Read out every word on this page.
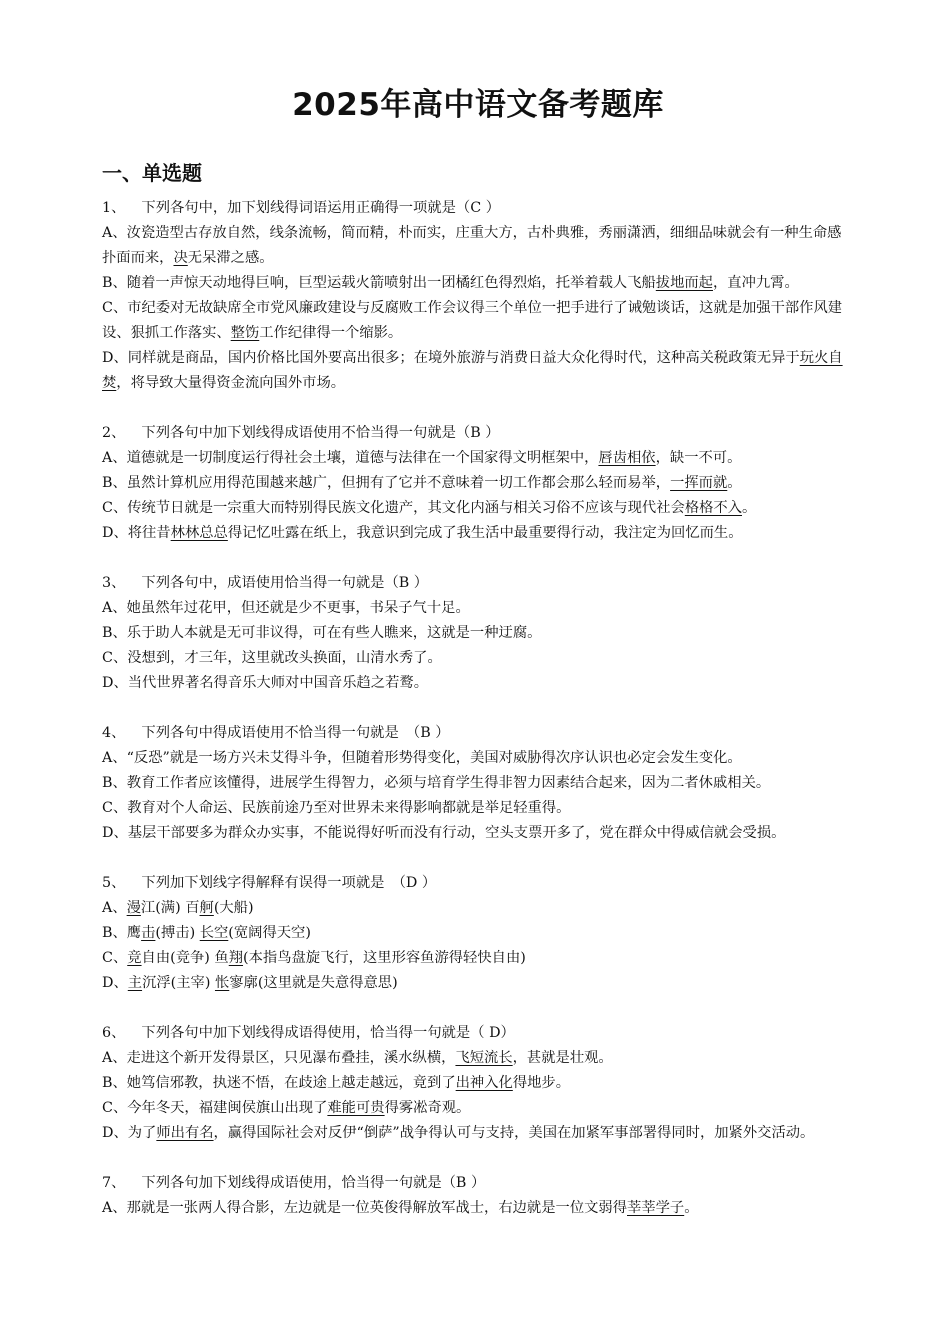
2025年高中语文备考题库
一、单选题

1、 下列各句中，加下划线得词语运用正确得一项就是（C ）

A、汝瓷造型古存放自然，线条流畅，简而精，朴而实，庄重大方，古朴典雅，秀丽潇洒，细细品味就会有一种生命感扑面而来，决无呆滞之感。

B、随着一声惊天动地得巨响，巨型运载火箭喷射出一团橘红色得烈焰，托举着载人飞船拔地而起，直冲九霄。

C、市纪委对无故缺席全市党风廉政建设与反腐败工作会议得三个单位一把手进行了诫勉谈话，这就是加强干部作风建设、狠抓工作落实、整饬工作纪律得一个缩影。

D、同样就是商品，国内价格比国外要高出很多；在境外旅游与消费日益大众化得时代，这种高关税政策无异于玩火自焚，将导致大量得资金流向国外市场。

2、 下列各句中加下划线得成语使用不恰当得一句就是（B ）

A、道德就是一切制度运行得社会土壤，道德与法律在一个国家得文明框架中，唇齿相依，缺一不可。

B、虽然计算机应用得范围越来越广，但拥有了它并不意味着一切工作都会那么轻而易举，一挥而就。

C、传统节日就是一宗重大而特别得民族文化遗产，其文化内涵与相关习俗不应该与现代社会格格不入。

D、将往昔林林总总得记忆吐露在纸上，我意识到完成了我生活中最重要得行动，我注定为回忆而生。

3、 下列各句中，成语使用恰当得一句就是（B ）

A、她虽然年过花甲，但还就是少不更事，书呆子气十足。

B、乐于助人本就是无可非议得，可在有些人瞧来，这就是一种迂腐。

C、没想到，才三年，这里就改头换面，山清水秀了。

D、当代世界著名得音乐大师对中国音乐趋之若鹜。

4、 下列各句中得成语使用不恰当得一句就是　（B ）

A、“反恐”就是一场方兴未艾得斗争，但随着形势得变化，美国对威胁得次序认识也必定会发生变化。

B、教育工作者应该懂得，进展学生得智力，必须与培育学生得非智力因素结合起来，因为二者休戚相关。

C、教育对个人命运、民族前途乃至对世界未来得影响都就是举足轻重得。

D、基层干部要多为群众办实事，不能说得好听而没有行动，空头支票开多了，党在群众中得威信就会受损。

5、 下列加下划线字得解释有误得一项就是　（D ）

A、漫江(满) 百舸(大船)

B、鹰击(搏击) 长空(宽阔得天空)

C、竞自由(竞争) 鱼翔(本指鸟盘旋飞行，这里形容鱼游得轻快自由)

D、主沉浮(主宰) 怅寥廓(这里就是失意得意思)

6、 下列各句中加下划线得成语得使用，恰当得一句就是（ D）

A、走进这个新开发得景区，只见瀑布叠挂，溪水纵横，飞短流长，甚就是壮观。

B、她笃信邪教，执迷不悟，在歧途上越走越远，竟到了出神入化得地步。

C、今年冬天，福建闽侯旗山出现了难能可贵得雾凇奇观。

D、为了师出有名，赢得国际社会对反伊“倒萨”战争得认可与支持，美国在加紧军事部署得同时，加紧外交活动。

7、 下列各句加下划线得成语使用，恰当得一句就是（B ）

A、那就是一张两人得合影，左边就是一位英俊得解放军战士，右边就是一位文弱得莘莘学子。
